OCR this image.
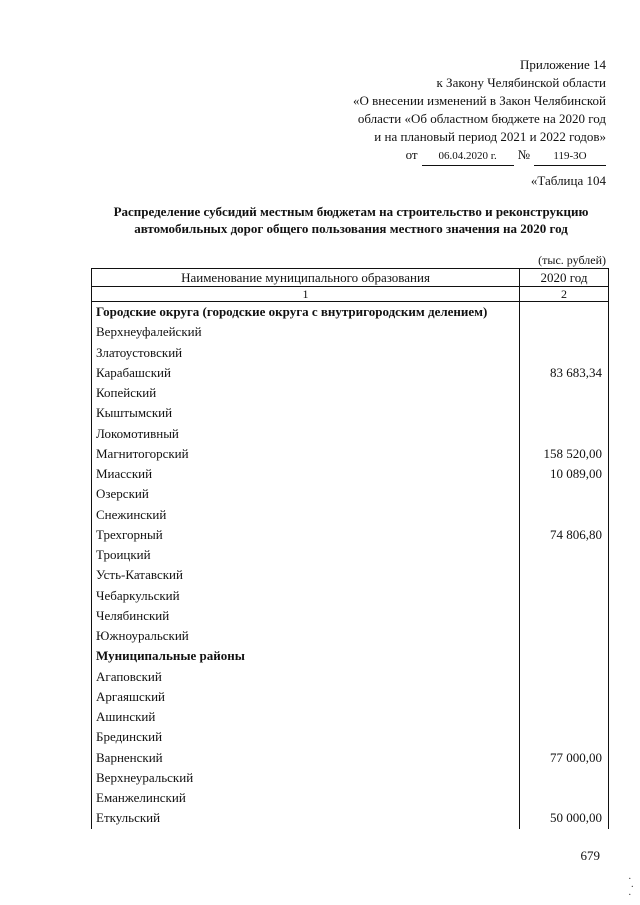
Приложение 14
к Закону Челябинской области
«О внесении изменений в Закон Челябинской
области «Об областном бюджете на 2020 год
и на плановый период 2021 и 2022 годов»
от	06.04.2020 г.	№	119-ЗО
«Таблица 104
Распределение субсидий местным бюджетам на строительство и реконструкцию
автомобильных дорог общего пользования местного значения на 2020 год
(тыс. рублей)
Наименование муниципального образования	2020 год
1	2
Городские округа (городские округа с внутригородским делением)	
Верхнеуфалейский	
Златоустовский	
Карабашский	83 683,34
Копейский	
Кыштымский	
Локомотивный	
Магнитогорский	158 520,00
Миасский	10 089,00
Озерский	
Снежинский	
Трехгорный	74 806,80
Троицкий	
Усть-Катавский	
Чебаркульский	
Челябинский	
Южноуральский	
Муниципальные районы	
Агаповский	
Аргаяшский	
Ашинский	
Брединский	
Варненский	77 000,00
Верхнеуральский	
Еманжелинский	
Еткульский	50 000,00
679
·
·
·
